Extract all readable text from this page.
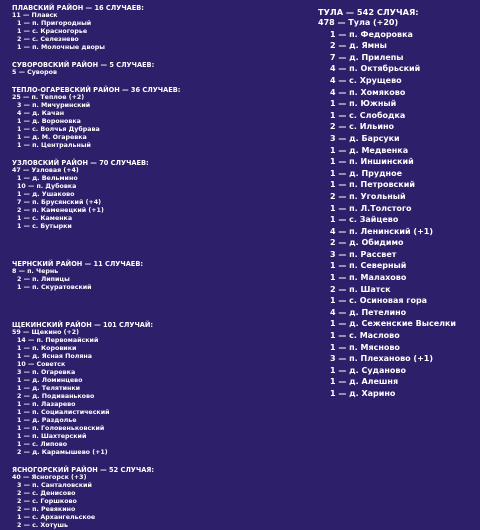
ПЛАВСКИЙ РАЙОН — 16 СЛУЧАЕВ:
11 — Плавск
1 — п. Пригородный
1 — с. Красногорье
2 — с. Селезнево
1 — п. Молочные дворы
СУВОРОВСКИЙ РАЙОН — 5 СЛУЧАЕВ:
5 — Суворов
ТЕПЛО-ОГАРЕВСКИЙ РАЙОН — 36 СЛУЧАЕВ:
25 — п. Теплое (+2)
3 — п. Мичуринский
4 — д. Качан
1 — д. Вороновка
1 — с. Волчья Дубрава
1 — д. М. Огаревка
1 — п. Центральный
УЗЛОВСКИЙ РАЙОН — 70 СЛУЧАЕВ:
47 — Узловая (+4)
1 — д. Вельмино
10 — п. Дубовка
1 — д. Ушаково
7 — п. Брусянский (+4)
2 — п. Каменецкий (+1)
1 — с. Каменка
1 — с. Бутырки
ЧЕРНСКИЙ РАЙОН — 11 СЛУЧАЕВ:
8 — п. Чернь
2 — п. Липицы
1 — п. Скуратовский
ЩЕКИНСКИЙ РАЙОН — 101 СЛУЧАЙ:
59 — Щекино (+2)
14 — п. Первомайский
1 — п. Коровики
1 — д. Ясная Поляна
10 — Советск
3 — п. Огаревка
1 — д. Ломинцево
1 — д. Телятинки
2 — д. Подиваньково
1 — п. Лазарево
1 — п. Социалистический
1 — д. Раздолье
1 — п. Головеньковский
1 — п. Шахтерский
1 — с. Липово
2 — д. Карамышево (+1)
ЯСНОГОРСКИЙ РАЙОН — 52 СЛУЧАЯ:
40 — Ясногорск (+3)
3 — п. Санталовский
2 — с. Денисово
2 — с. Горшково
2 — п. Ревякино
1 — с. Архангельское
2 — с. Хотушь
ТУЛА — 542 СЛУЧАЯ:
478 — Тула (+20)
1 — п. Федоровка
2 — д. Ямны
7 — д. Прилепы
4 — п. Октябрьский
4 — с. Хрущево
4 — п. Хомяково
1 — п. Южный
1 — с. Слободка
2 — с. Ильино
3 — д. Барсуки
1 — д. Медвенка
1 — п. Иншинский
1 — д. Прудное
1 — п. Петровский
2 — п. Угольный
1 — п. Л.Толстого
1 — с. Зайцево
4 — п. Ленинский (+1)
2 — д. Обидимо
3 — п. Рассвет
1 — п. Северный
1 — п. Малахово
2 — п. Шатск
1 — с. Осиновая гора
4 — д. Петелино
1 — д. Сежeнские Выселки
1 — с. Маслово
1 — п. Мясново
3 — п. Плеханово (+1)
1 — д. Суданово
1 — д. Алешня
1 — д. Харино
